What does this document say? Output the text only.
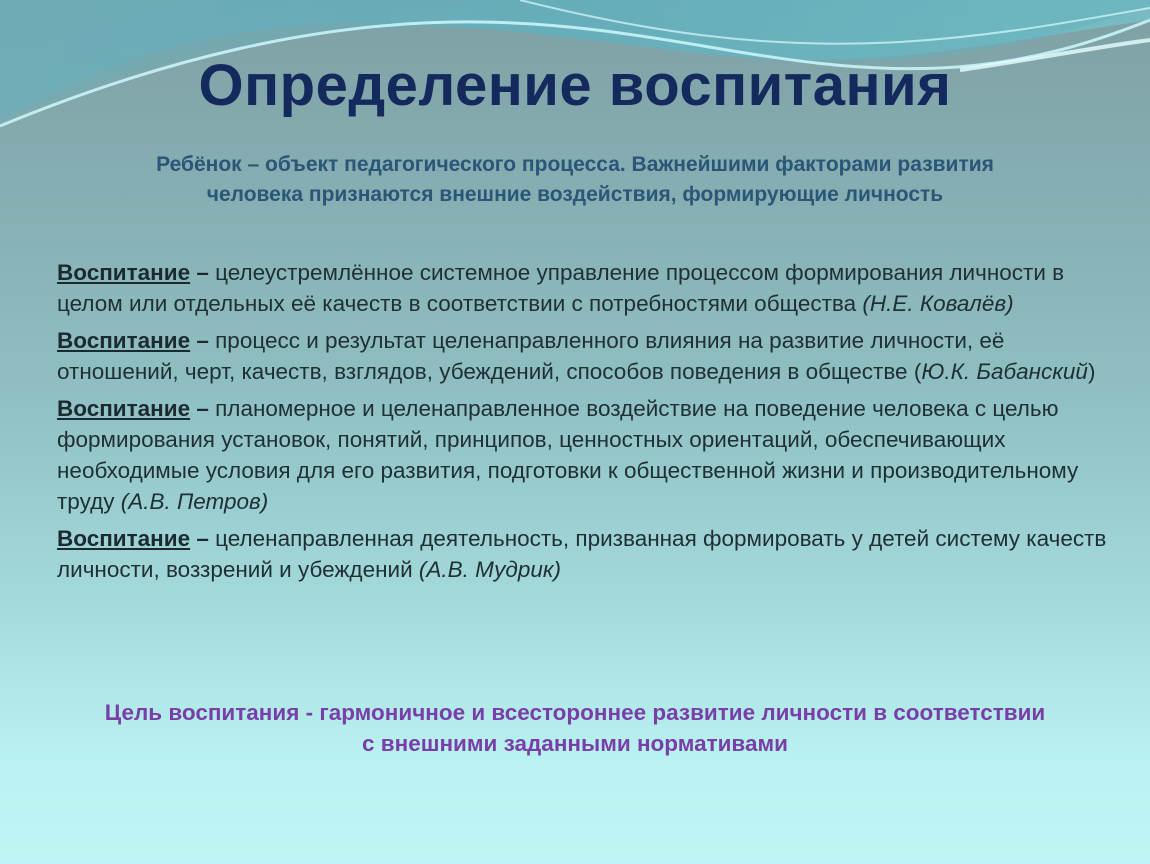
Определение воспитания
Ребёнок – объект педагогического процесса. Важнейшими факторами развития
человека признаются внешние воздействия, формирующие личность

Воспитание – целеустремлённое системное управление процессом формирования личности в целом или отдельных её качеств в соответствии с потребностями общества (Н.Е. Ковалёв)

Воспитание – процесс и результат целенаправленного влияния на развитие личности, её отношений, черт, качеств, взглядов, убеждений, способов поведения в обществе (Ю.К. Бабанский)

Воспитание – планомерное и целенаправленное воздействие на поведение человека с целью формирования установок, понятий, принципов, ценностных ориентаций, обеспечивающих необходимые условия для его развития, подготовки к общественной жизни и производительному труду (А.В. Петров)

Воспитание – целенаправленная деятельность, призванная формировать у детей систему качеств личности, воззрений и убеждений (А.В. Мудрик)

Цель воспитания - гармоничное и всестороннее развитие личности в соответствии
с внешними заданными нормативами
